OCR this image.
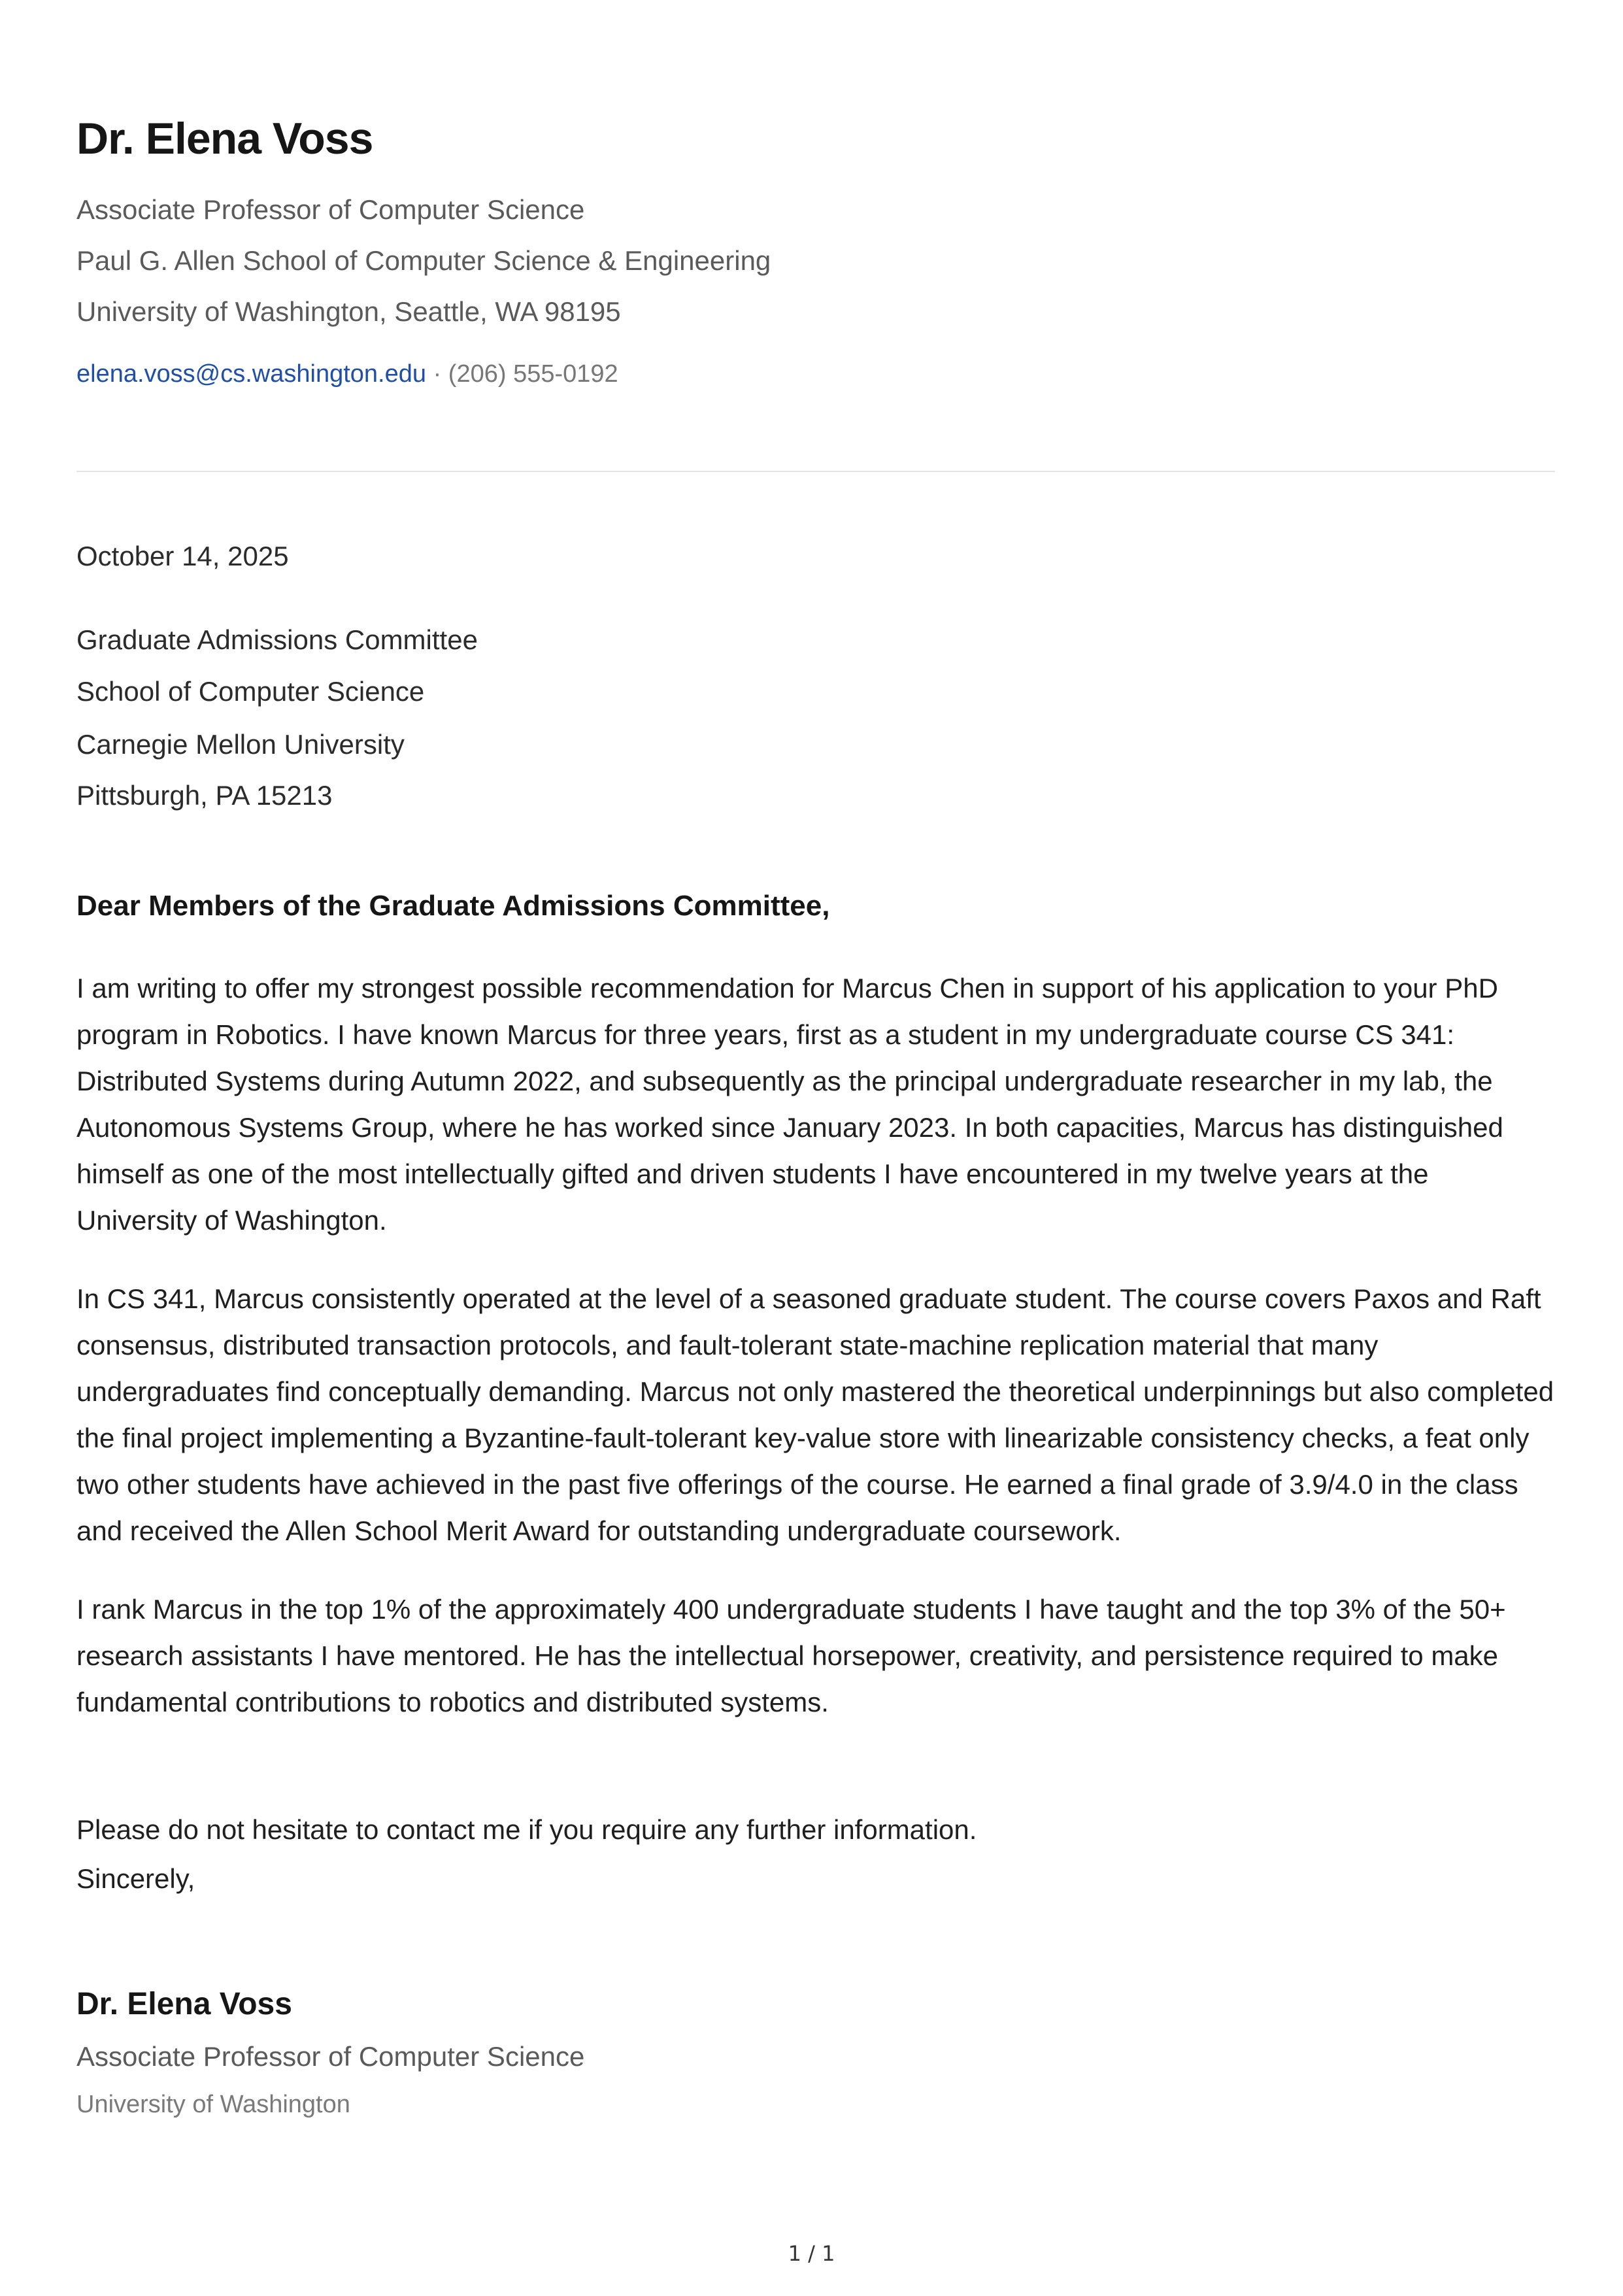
Dr. Elena Voss
Associate Professor of Computer Science
Paul G. Allen School of Computer Science & Engineering
University of Washington, Seattle, WA 98195
elena.voss@cs.washington.edu · (206) 555-0192
October 14, 2025
Graduate Admissions Committee
School of Computer Science
Carnegie Mellon University
Pittsburgh, PA 15213
Dear Members of the Graduate Admissions Committee,

I am writing to offer my strongest possible recommendation for Marcus Chen in support of his application to your PhD program in Robotics. I have known Marcus for three years, first as a student in my undergraduate course CS 341: Distributed Systems during Autumn 2022, and subsequently as the principal undergraduate researcher in my lab, the Autonomous Systems Group, where he has worked since January 2023. In both capacities, Marcus has distinguished himself as one of the most intellectually gifted and driven students I have encountered in my twelve years at the University of Washington.

In CS 341, Marcus consistently operated at the level of a seasoned graduate student. The course covers Paxos and Raft consensus, distributed transaction protocols, and fault-tolerant state-machine replication material that many undergraduates find conceptually demanding. Marcus not only mastered the theoretical underpinnings but also completed the final project implementing a Byzantine-fault-tolerant key-value store with linearizable consistency checks, a feat only two other students have achieved in the past five offerings of the course. He earned a final grade of 3.9/4.0 in the class and received the Allen School Merit Award for outstanding undergraduate coursework.

I rank Marcus in the top 1% of the approximately 400 undergraduate students I have taught and the top 3% of the 50+ research assistants I have mentored. He has the intellectual horsepower, creativity, and persistence required to make fundamental contributions to robotics and distributed systems.

Please do not hesitate to contact me if you require any further information.
Sincerely,
Dr. Elena Voss
Associate Professor of Computer Science
University of Washington
1 / 1
